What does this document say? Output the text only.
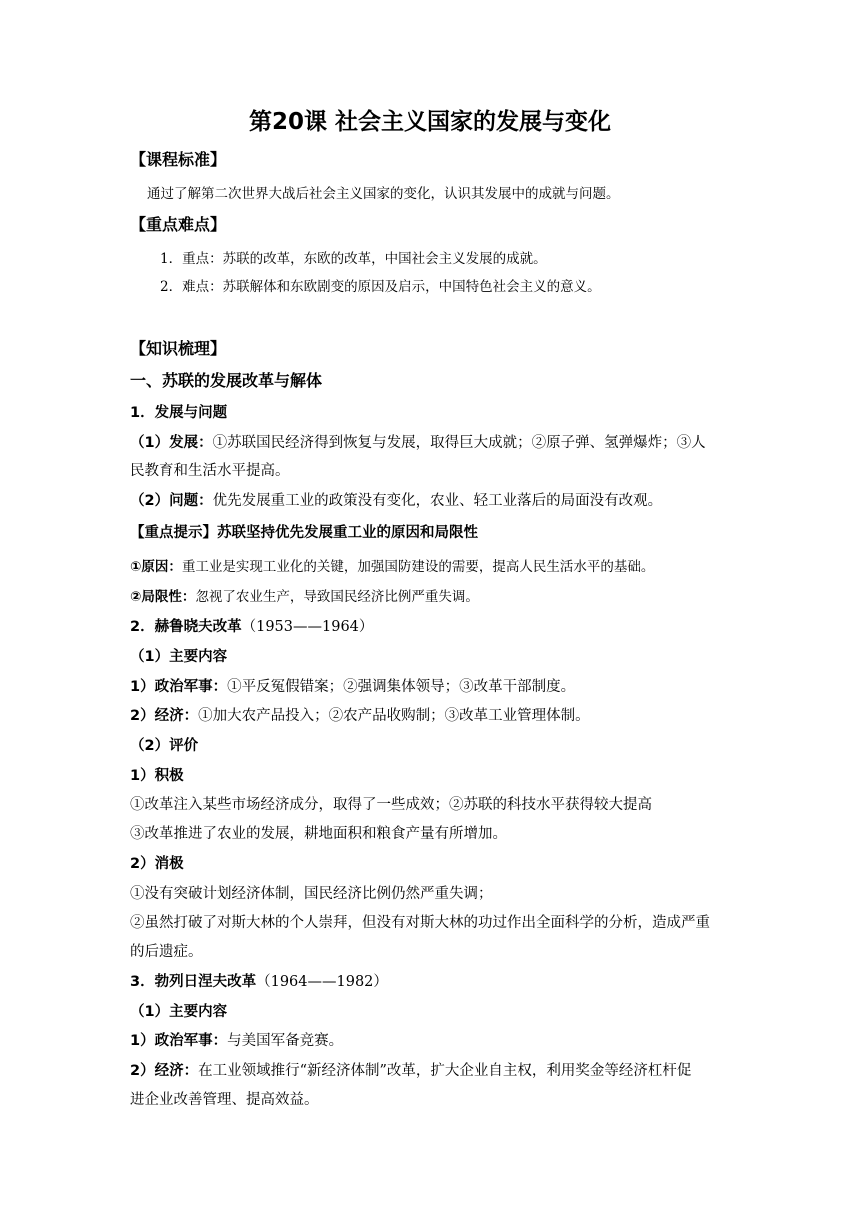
第20课 社会主义国家的发展与变化
【课程标准】
通过了解第二次世界大战后社会主义国家的变化，认识其发展中的成就与问题。
【重点难点】
1．重点：苏联的改革，东欧的改革，中国社会主义发展的成就。
2．难点：苏联解体和东欧剧变的原因及启示，中国特色社会主义的意义。
【知识梳理】
一、苏联的发展改革与解体
1．发展与问题
（1）发展：①苏联国民经济得到恢复与发展，取得巨大成就；②原子弹、氢弹爆炸；③人
民教育和生活水平提高。
（2）问题：优先发展重工业的政策没有变化，农业、轻工业落后的局面没有改观。
【重点提示】苏联坚持优先发展重工业的原因和局限性
①原因：重工业是实现工业化的关键，加强国防建设的需要，提高人民生活水平的基础。
②局限性：忽视了农业生产，导致国民经济比例严重失调。
2．赫鲁晓夫改革（1953——1964）
（1）主要内容
1）政治军事：①平反冤假错案；②强调集体领导；③改革干部制度。
2）经济：①加大农产品投入；②农产品收购制；③改革工业管理体制。
（2）评价
1）积极
①改革注入某些市场经济成分，取得了一些成效；②苏联的科技水平获得较大提高
③改革推进了农业的发展，耕地面积和粮食产量有所增加。
2）消极
①没有突破计划经济体制，国民经济比例仍然严重失调；
②虽然打破了对斯大林的个人崇拜，但没有对斯大林的功过作出全面科学的分析，造成严重
的后遗症。
3．勃列日涅夫改革（1964——1982）
（1）主要内容
1）政治军事：与美国军备竞赛。
2）经济：在工业领域推行“新经济体制”改革，扩大企业自主权，利用奖金等经济杠杆促
进企业改善管理、提高效益。
